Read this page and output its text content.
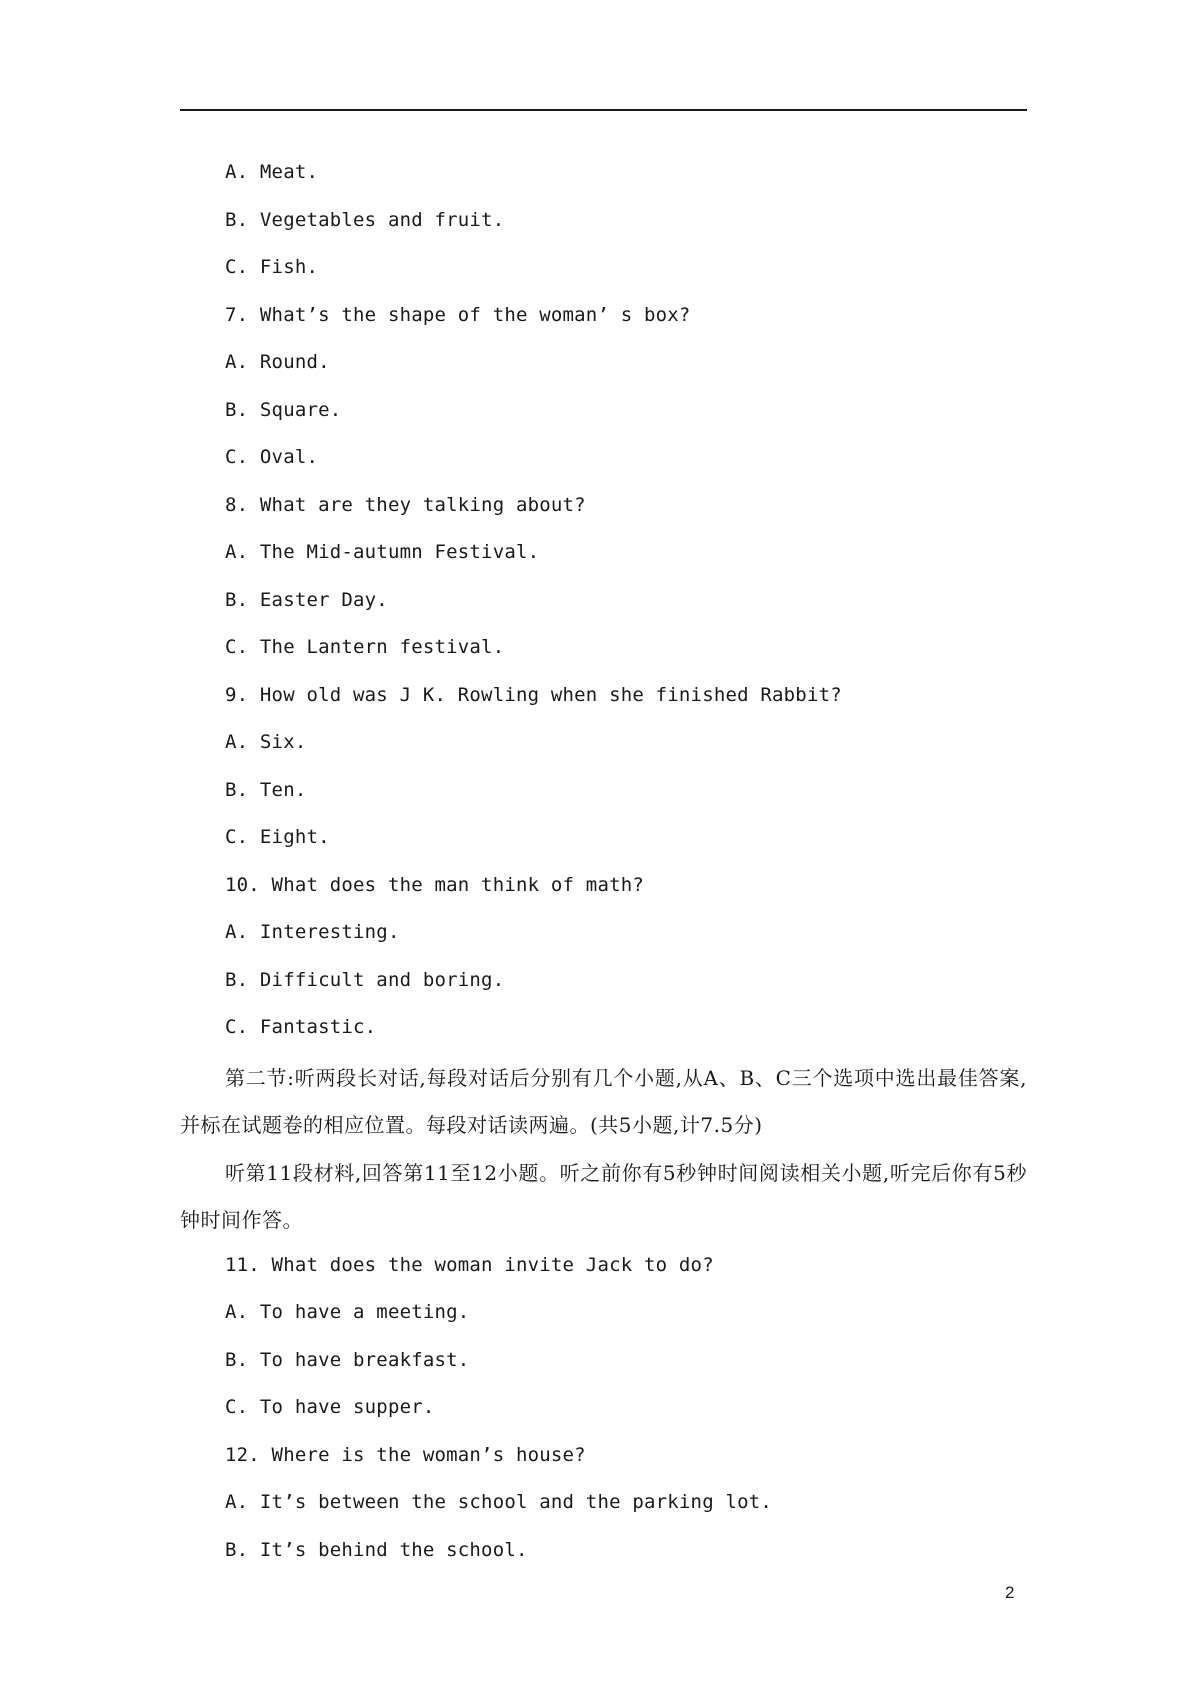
A. Meat.
B. Vegetables and fruit.
C. Fish.
7. What’s the shape of the woman’ s box?
A. Round.
B. Square.
C. Oval.
8. What are they talking about?
A. The Mid-autumn Festival.
B. Easter Day.
C. The Lantern festival.
9. How old was J K. Rowling when she finished Rabbit?
A. Six.
B. Ten.
C. Eight.
10. What does the man think of math?
A. Interesting.
B. Difficult and boring.
C. Fantastic.
第二节:听两段长对话,每段对话后分别有几个小题,从A、B、C三个选项中选出最佳答案,并标在试题卷的相应位置。每段对话读两遍。(共5小题,计7.5分)
听第11段材料,回答第11至12小题。听之前你有5秒钟时间阅读相关小题,听完后你有5秒钟时间作答。
11. What does the woman invite Jack to do?
A. To have a meeting.
B. To have breakfast.
C. To have supper.
12. Where is the woman’s house?
A. It’s between the school and the parking lot.
B. It’s behind the school.
2
